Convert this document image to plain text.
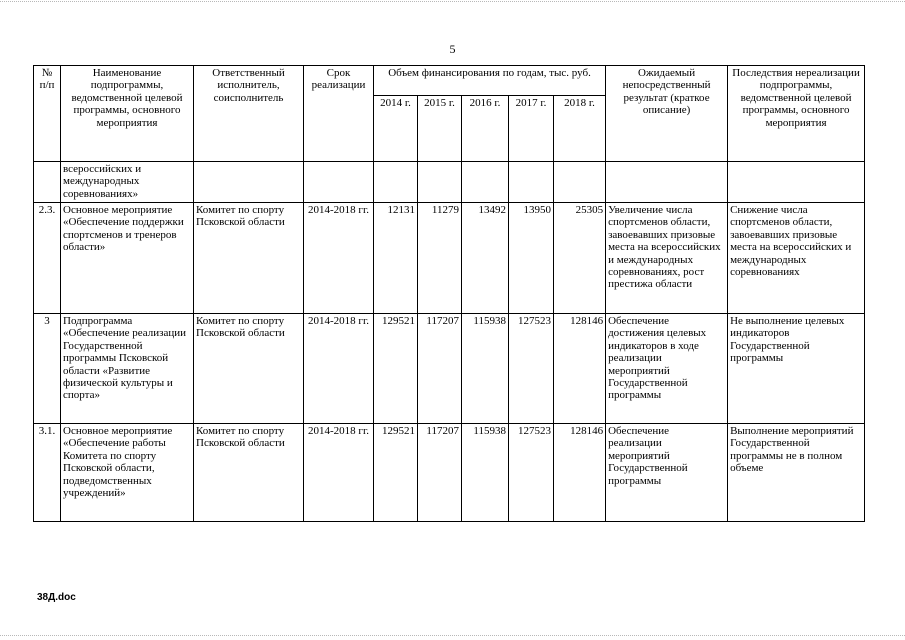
5
№ п/п	Наименование подпрограммы, ведомственной целевой программы, основного мероприятия	Ответственный исполнитель, соисполнитель	Срок реализации	Объем финансирования по годам, тыс. руб.					Ожидаемый непосредственный результат (краткое описание)	Последствия нереализации подпрограммы, ведомственной целевой программы, основного мероприятия
				2014 г.	2015 г.	2016 г.	2017 г.	2018 г.		
	всероссийских и международных соревнованиях»									
2.3.	Основное мероприятие «Обеспечение поддержки спортсменов и тренеров области»	Комитет по спорту Псковской области	2014-2018 гг.	12131	11279	13492	13950	25305	Увеличение числа спортсменов области, завоевавших призовые места на всероссийских и международных соревнованиях, рост престижа области	Снижение числа спортсменов области, завоевавших призовые места на всероссийских и международных соревнованиях
3	Подпрограмма «Обеспечение реализации Государственной программы Псковской области «Развитие физической культуры и спорта»	Комитет по спорту Псковской области	2014-2018 гг.	129521	117207	115938	127523	128146	Обеспечение достижения целевых индикаторов в ходе реализации мероприятий Государственной программы	Не выполнение целевых индикаторов Государственной программы
3.1.	Основное мероприятие «Обеспечение работы Комитета по спорту Псковской области, подведомственных учреждений»	Комитет по спорту Псковской области	2014-2018 гг.	129521	117207	115938	127523	128146	Обеспечение реализации мероприятий Государственной программы	Выполнение мероприятий Государственной программы не в полном объеме
38Д.doc
